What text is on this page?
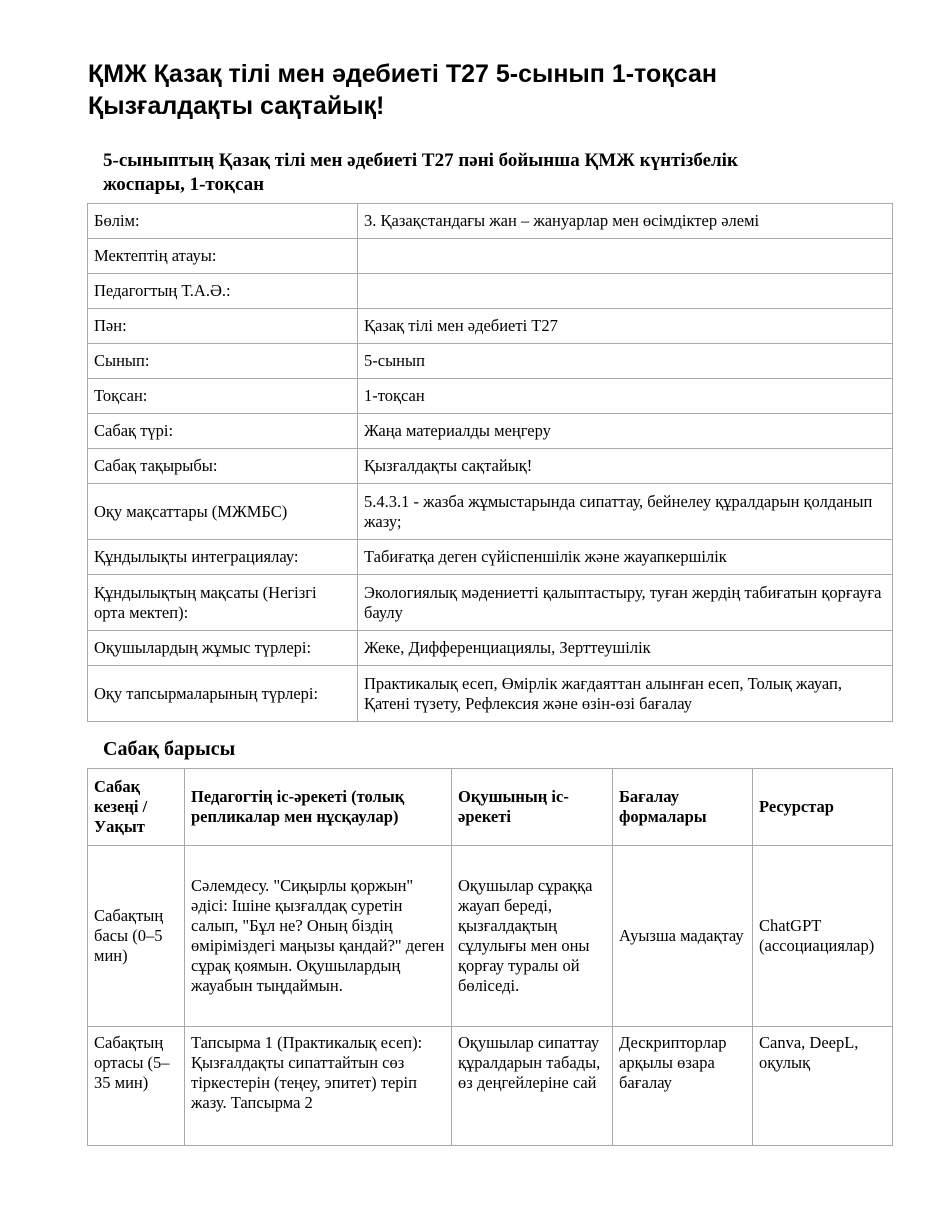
ҚМЖ Қазақ тілі мен әдебиеті Т27 5-сынып 1-тоқсан
Қызғалдақты сақтайық!
5-сыныптың Қазақ тілі мен әдебиеті Т27 пәні бойынша ҚМЖ күнтізбелік
жоспары, 1-тоқсан
Бөлім:	3. Қазақстандағы жан – жануарлар мен өсімдіктер әлемі
Мектептің атауы:	
Педагогтың Т.А.Ә.:	
Пән:	Қазақ тілі мен әдебиеті Т27
Сынып:	5-сынып
Тоқсан:	1-тоқсан
Сабақ түрі:	Жаңа материалды меңгеру
Сабақ тақырыбы:	Қызғалдақты сақтайық!
Оқу мақсаттары (МЖМБС)	5.4.3.1 - жазба жұмыстарында сипаттау, бейнелеу құралдарын қолданып жазу;
Құндылықты интеграциялау:	Табиғатқа деген сүйіспеншілік және жауапкершілік
Құндылықтың мақсаты (Негізгі орта мектеп):	Экологиялық мәдениетті қалыптастыру, туған жердің табиғатын қорғауға баулу
Оқушылардың жұмыс түрлері:	Жеке, Дифференциациялы, Зерттеушілік
Оқу тапсырмаларының түрлері:	Практикалық есеп, Өмірлік жағдаяттан алынған есеп, Толық жауап, Қатені түзету, Рефлексия және өзін-өзі бағалау
Сабақ барысы
Сабақ кезеңі / Уақыт	Педагогтің іс-әрекеті (толық репликалар мен нұсқаулар)	Оқушының іс-әрекеті	Бағалау формалары	Ресурстар
Сабақтың басы (0–5 мин)	Сәлемдесу. "Сиқырлы қоржын" әдісі: Ішіне қызғалдақ суретін салып, "Бұл не? Оның біздің өміріміздегі маңызы қандай?" деген сұрақ қоямын. Оқушылардың жауабын тыңдаймын.	Оқушылар сұраққа жауап береді, қызғалдақтың сұлулығы мен оны қорғау туралы ой бөліседі.	Ауызша мадақтау	ChatGPT (ассоциациялар)
Сабақтың ортасы (5–35 мин)	Тапсырма 1 (Практикалық есеп): Қызғалдақты сипаттайтын сөз тіркестерін (теңеу, эпитет) теріп жазу. Тапсырма 2	Оқушылар сипаттау құралдарын табады, өз деңгейлеріне сай	Дескрипторлар арқылы өзара бағалау	Canva, DeepL, оқулық
